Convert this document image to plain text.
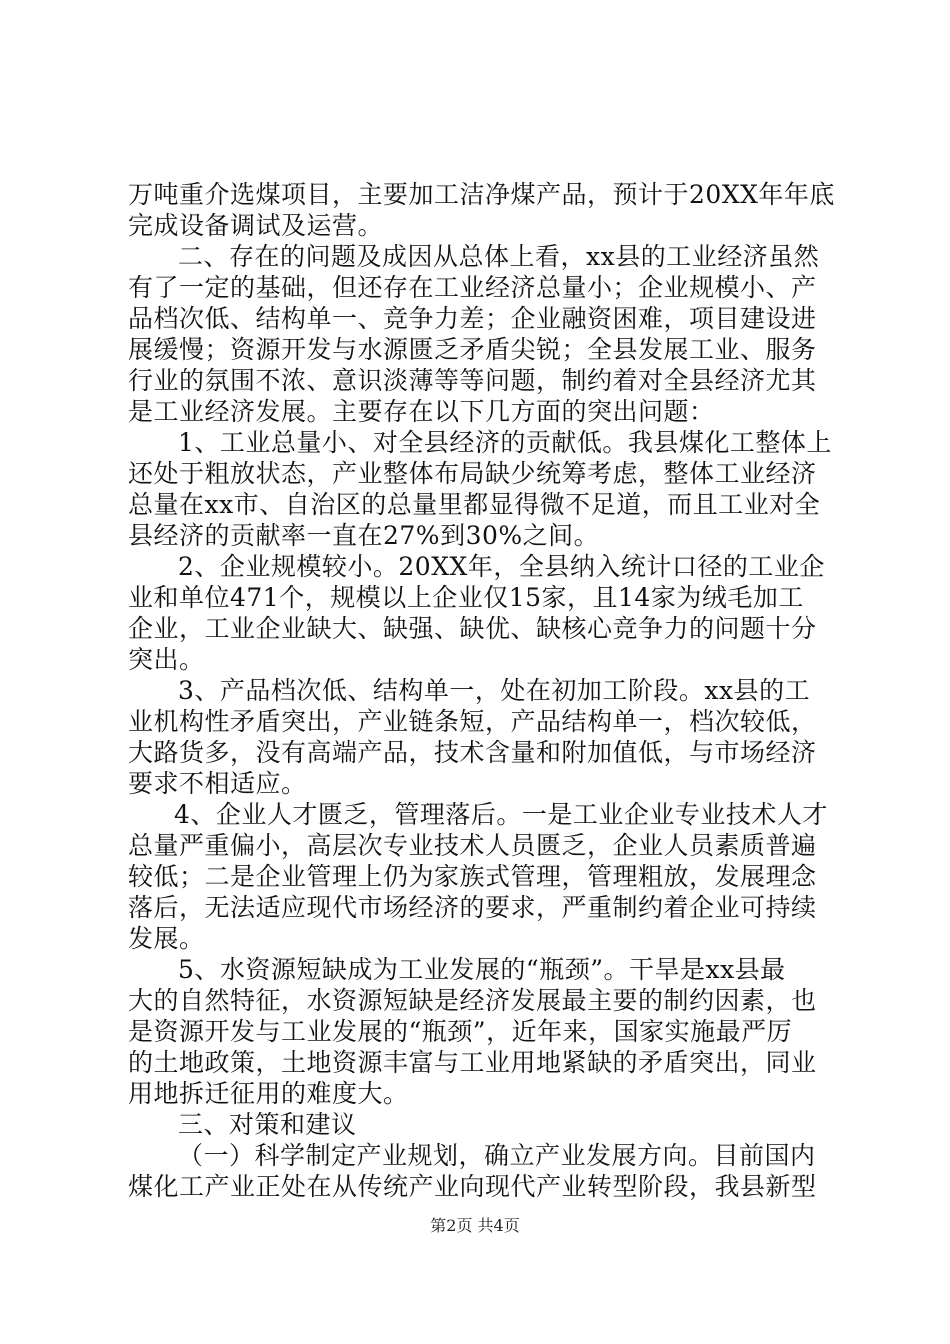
万吨重介选煤项目，主要加工洁净煤产品，预计于20XX年年底
完成设备调试及运营。
二、存在的问题及成因从总体上看，xx县的工业经济虽然
有了一定的基础，但还存在工业经济总量小；企业规模小、产
品档次低、结构单一、竞争力差；企业融资困难，项目建设进
展缓慢；资源开发与水源匮乏矛盾尖锐；全县发展工业、服务
行业的氛围不浓、意识淡薄等等问题，制约着对全县经济尤其
是工业经济发展。主要存在以下几方面的突出问题：
1、工业总量小、对全县经济的贡献低。我县煤化工整体上
还处于粗放状态，产业整体布局缺少统筹考虑，整体工业经济
总量在xx市、自治区的总量里都显得微不足道，而且工业对全
县经济的贡献率一直在27%到30%之间。
2、企业规模较小。20XX年，全县纳入统计口径的工业企
业和单位471个，规模以上企业仅15家，且14家为绒毛加工
企业，工业企业缺大、缺强、缺优、缺核心竞争力的问题十分
突出。
3、产品档次低、结构单一，处在初加工阶段。xx县的工
业机构性矛盾突出，产业链条短，产品结构单一，档次较低，
大路货多，没有高端产品，技术含量和附加值低，与市场经济
要求不相适应。
4、企业人才匮乏，管理落后。一是工业企业专业技术人才
总量严重偏小，高层次专业技术人员匮乏，企业人员素质普遍
较低；二是企业管理上仍为家族式管理，管理粗放，发展理念
落后，无法适应现代市场经济的要求，严重制约着企业可持续
发展。
5、水资源短缺成为工业发展的“瓶颈”。干旱是xx县最
大的自然特征，水资源短缺是经济发展最主要的制约因素，也
是资源开发与工业发展的“瓶颈”，近年来，国家实施最严厉
的土地政策，土地资源丰富与工业用地紧缺的矛盾突出，同业
用地拆迁征用的难度大。
三、对策和建议
（一）科学制定产业规划，确立产业发展方向。目前国内
煤化工产业正处在从传统产业向现代产业转型阶段，我县新型
第2页 共4页
